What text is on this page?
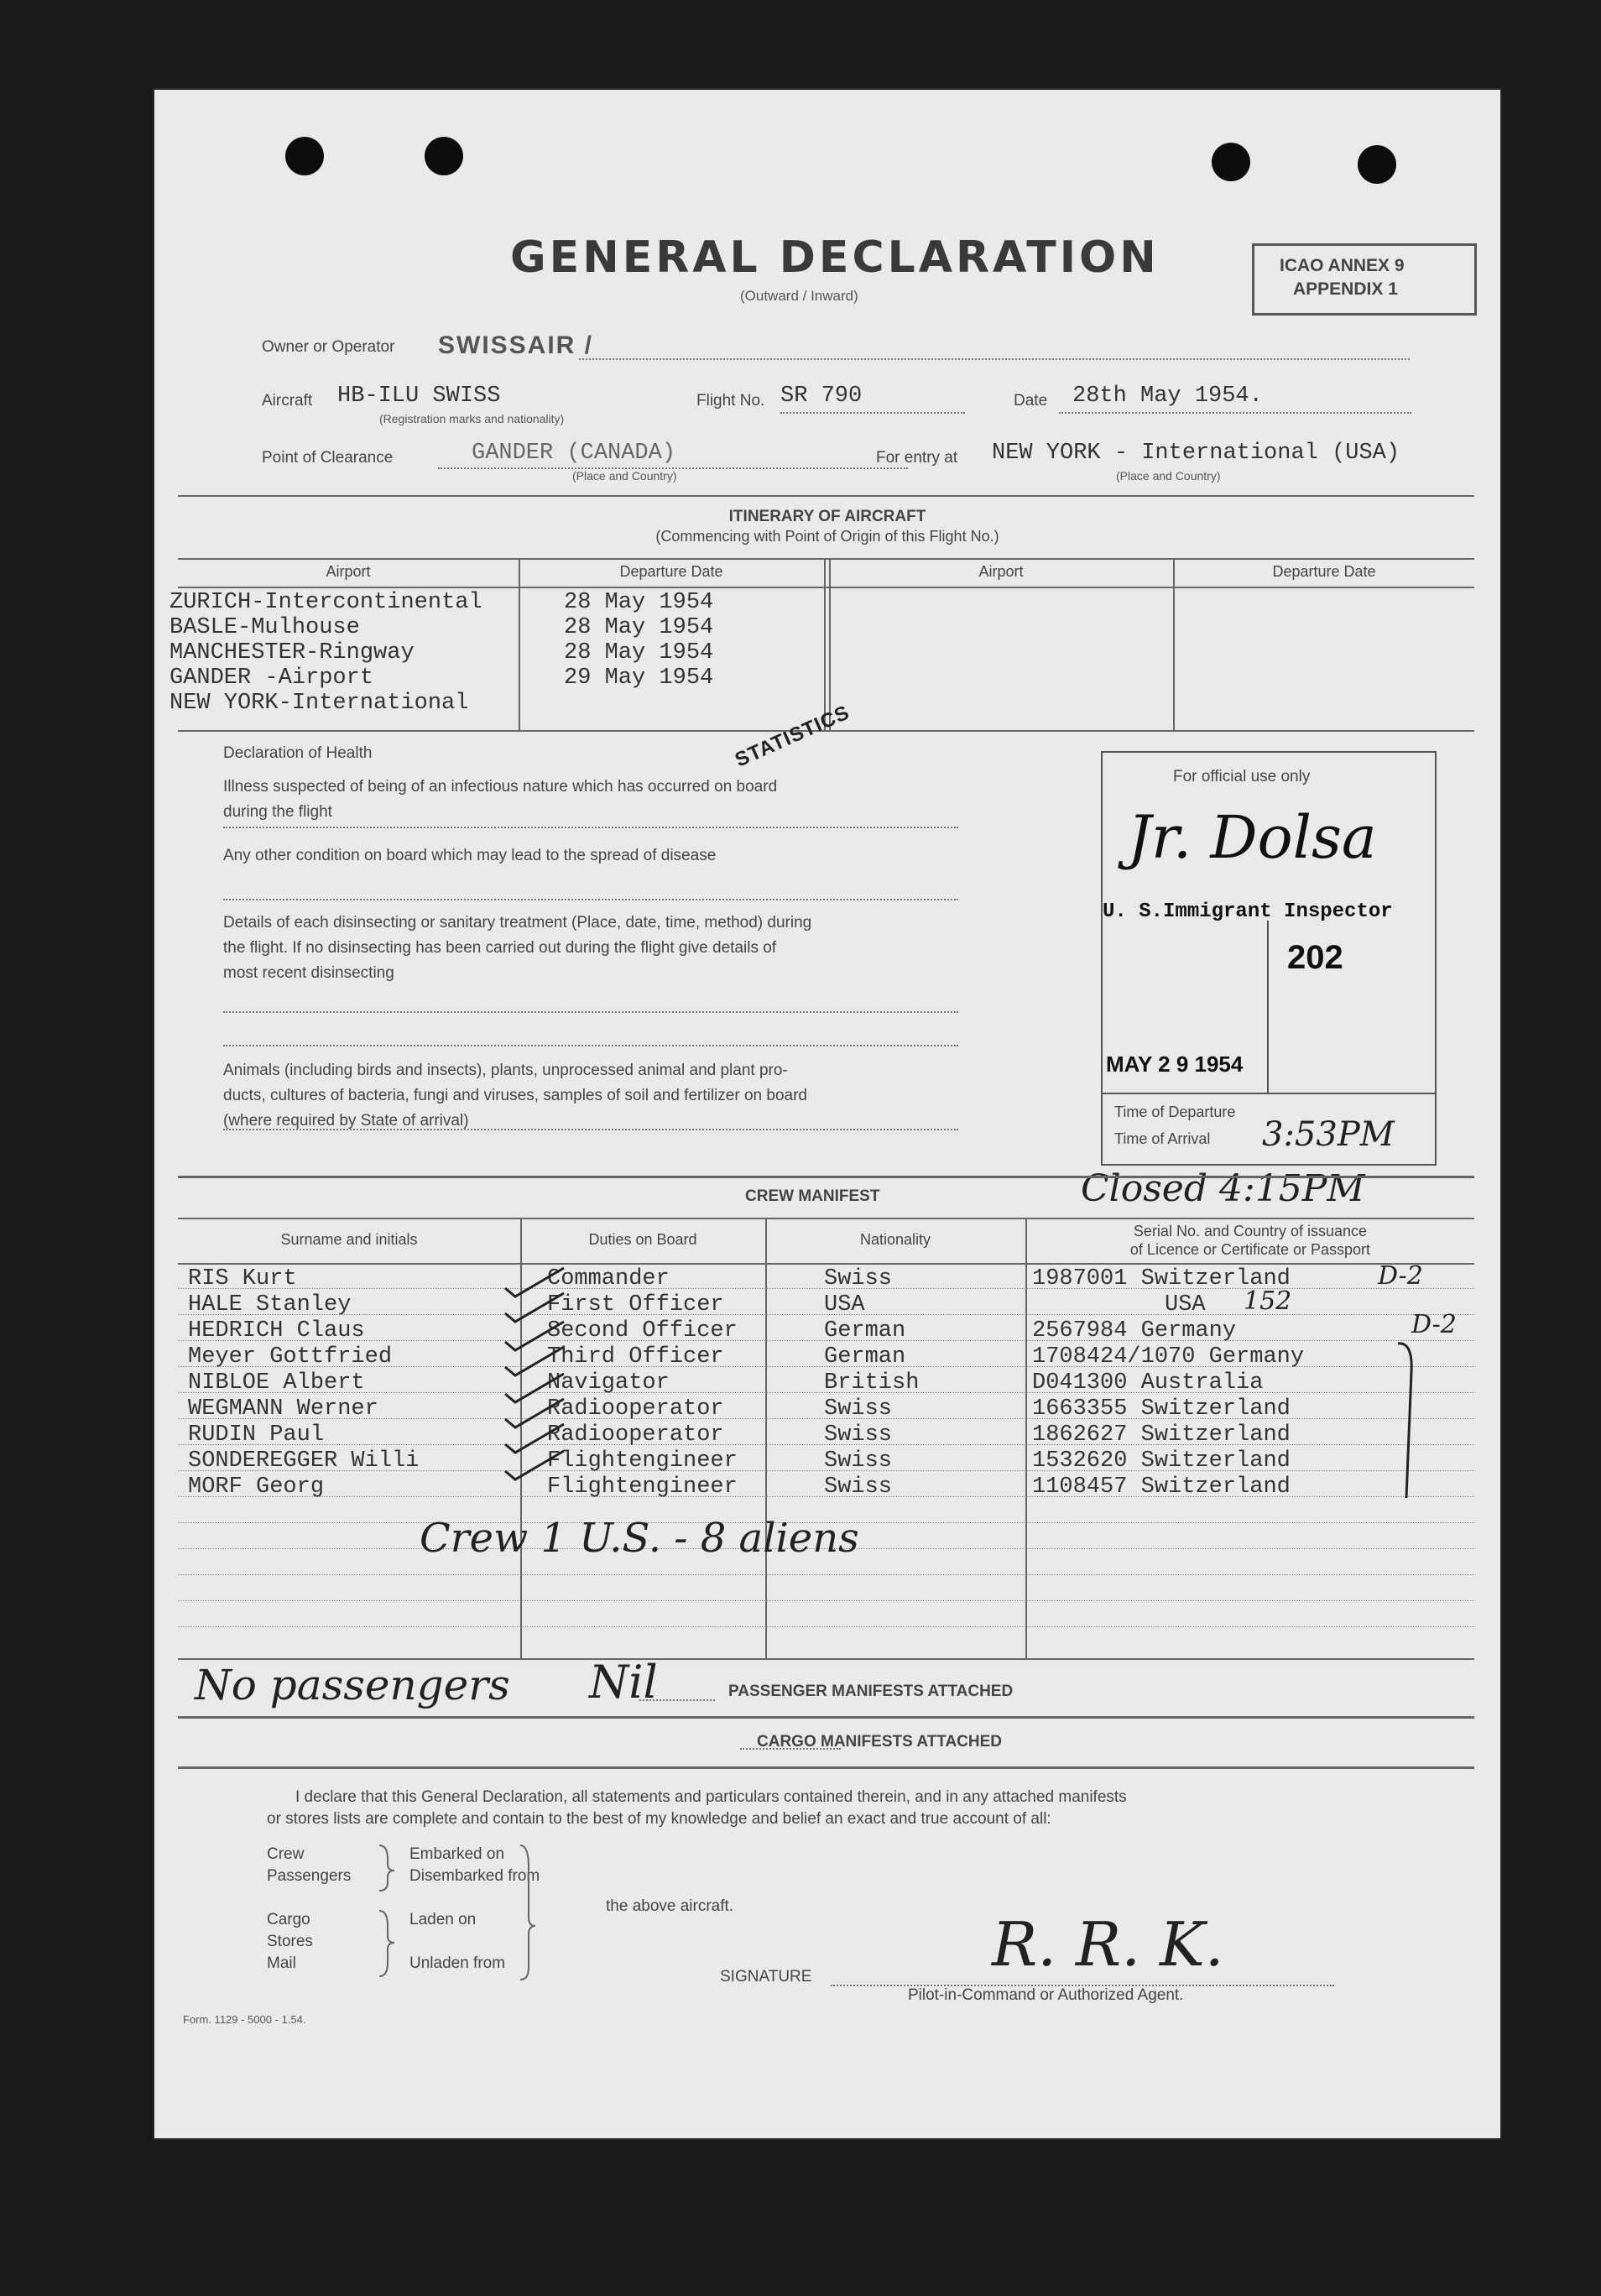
GENERAL DECLARATION
(Outward / Inward)
ICAO ANNEX 9
APPENDIX 1
Owner or Operator SWISSAIR /
Aircraft HB-ILU SWISS
(Registration marks and nationality)
Flight No. SR 790	Date 28th May 1954.
Point of Clearance	GANDER (CANADA)
(Place and Country)
For entry at NEW YORK - International (USA)
(Place and Country)
ITINERARY OF AIRCRAFT
(Commencing with Point of Origin of this Flight No.)
Airport	Departure Date	Airport	Departure Date
ZURICH-Intercontinental	28 May 1954
BASLE-Mulhouse	28 May 1954
MANCHESTER-Ringway	28 May 1954
GANDER -Airport	29 May 1954
NEW YORK-International	STATISTICS
Declaration of Health
Illness suspected of being of an infectious nature which has occurred on board
during the flight
Any other condition on board which may lead to the spread of disease
Details of each disinsecting or sanitary treatment (Place, date, time, method) during
the flight. If no disinsecting has been carried out during the flight give details of
most recent disinsecting
Animals (including birds and insects), plants, unprocessed animal and plant pro-
ducts, cultures of bacteria, fungi and viruses, samples of soil and fertilizer on board
(where required by State of arrival)
For official use only
Jr. Dolsa
U. S.Immigrant Inspector
202
MAY 2 9 1954
Time of Departure
Time of Arrival 3:53PM
Closed 4:15PM
CREW MANIFEST
Surname and initials	Duties on Board	Nationality	Serial No. and Country of issuance
of Licence or Certificate or Passport
RIS Kurt	Commander	Swiss	1987001 Switzerland	D-2
HALE Stanley	First Officer	USA	USA 152
HEDRICH Claus	Second Officer	German	2567984 Germany	D-2
Meyer Gottfried	Third Officer	German	1708424/1070 Germany
NIBLOE Albert	Navigator	British	D041300 Australia
WEGMANN Werner	Radiooperator	Swiss	1663355 Switzerland
RUDIN Paul	Radiooperator	Swiss	1862627 Switzerland
SONDEREGGER Willi	Flightengineer	Swiss	1532620 Switzerland
MORF Georg	Flightengineer	Swiss	1108457 Switzerland
Crew 1 U.S. - 8 aliens
No passengers Nil	PASSENGER MANIFESTS ATTACHED
CARGO MANIFESTS ATTACHED
I declare that this General Declaration, all statements and particulars contained therein, and in any attached manifests
or stores lists are complete and contain to the best of my knowledge and belief an exact and true account of all:
Crew
Passengers
Embarked on
Disembarked from
Cargo
Stores
Mail
Laden on
Unladen from
the above aircraft.
SIGNATURE	R. R. K.
Pilot-in-Command or Authorized Agent.
Form. 1129 - 5000 - 1.54.
